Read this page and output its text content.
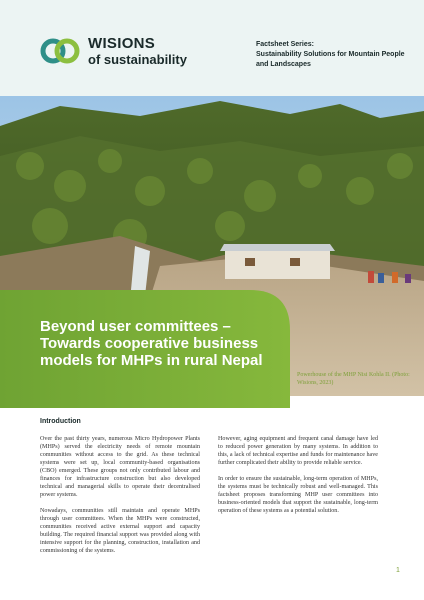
WISIONS
of sustainability
Factsheet Series:
Sustainability Solutions for Mountain People and Landscapes
Beyond user committees – Towards cooperative business models for MHPs in rural Nepal
Powerhouse of the MHP Nisi Kohla II. (Photo: Wisions, 2023)
Introduction

Over the past thirty years, numerous Micro Hydropower Plants (MHPs) served the electricity needs of remote mountain communities without access to the grid. As these technical systems were set up, local community-based organisations (CBO) emerged. These groups not only contributed labour and finances for infrastructure construction but also developed technical and managerial skills to operate their decentralised power systems.

Nowadays, communities still maintain and operate MHPs through user committees. When the MHPs were constructed, communities received active external support and capacity building. The required financial support was provided along with intensive support for the planning, construction, installation and commissioning of the systems.

However, aging equipment and frequent canal damage have led to reduced power generation by many systems. In addition to this, a lack of technical expertise and funds for maintenance have further complicated their ability to provide reliable service.

In order to ensure the sustainable, long-term operation of MHPs, the systems must be technically robust and well-managed. This factsheet proposes transforming MHP user committees into business-oriented models that support the sustainable, long-term operation of these systems as a potential solution.

1
